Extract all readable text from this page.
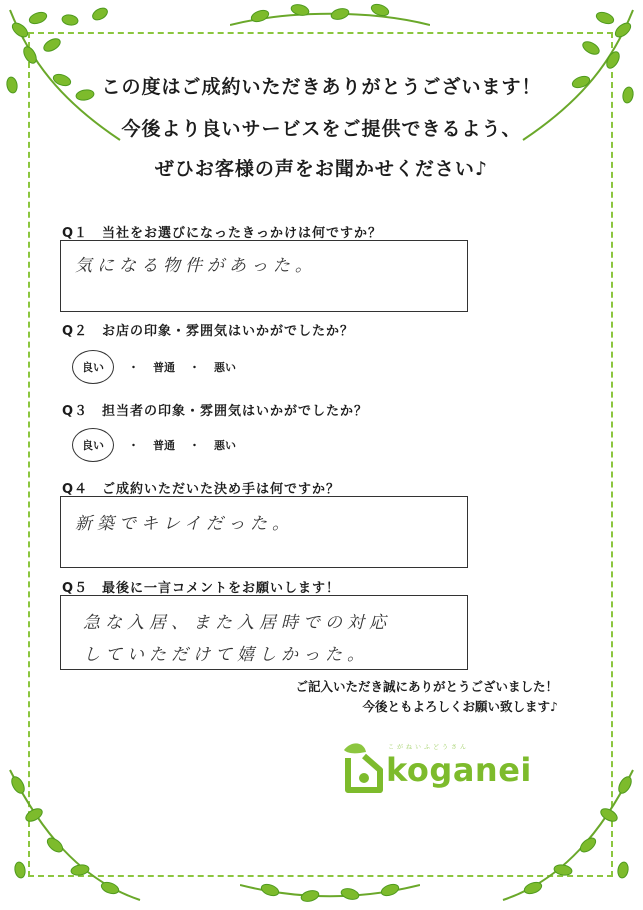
この度はご成約いただきありがとうございます！
今後より良いサービスをご提供できるよう、
ぜひお客様の声をお聞かせください♪
Q１ 当社をお選びになったきっかけは何ですか？
気になる物件があった。
Q２ お店の印象・雰囲気はいかがでしたか？
良い	・ 普通 ・ 悪い
Q３ 担当者の印象・雰囲気はいかがでしたか？
良い	・ 普通 ・ 悪い
Q４ ご成約いただいた決め手は何ですか？
新築でキレイだった。
Q５ 最後に一言コメントをお願いします！
急な入居、また入居時での対応
していただけて嬉しかった。
ご記入いただき誠にありがとうございました！
今後ともよろしくお願い致します♪
こがねいふどうさん
koganei
